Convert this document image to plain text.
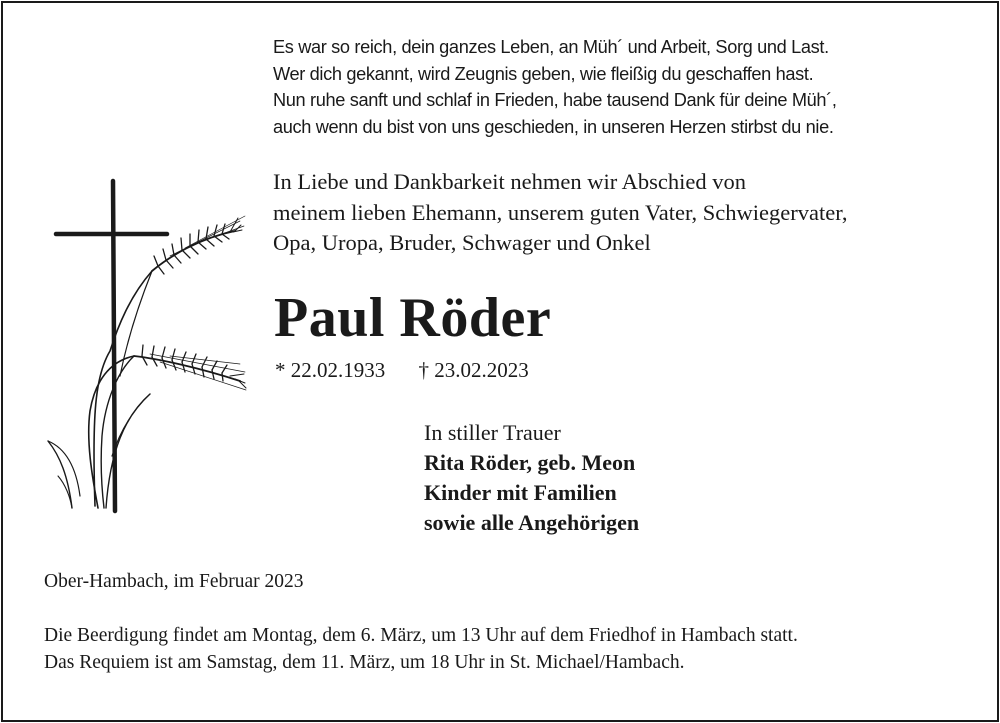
Es war so reich, dein ganzes Leben, an Müh´ und Arbeit, Sorg und Last.
Wer dich gekannt, wird Zeugnis geben, wie fleißig du geschaffen hast.
Nun ruhe sanft und schlaf in Frieden, habe tausend Dank für deine Müh´,
auch wenn du bist von uns geschieden, in unseren Herzen stirbst du nie.
In Liebe und Dankbarkeit nehmen wir Abschied von
meinem lieben Ehemann, unserem guten Vater, Schwiegervater,
Opa, Uropa, Bruder, Schwager und Onkel
Paul Röder
* 22.02.1933 † 23.02.2023
In stiller Trauer
Rita Röder, geb. Meon
Kinder mit Familien
sowie alle Angehörigen
Ober-Hambach, im Februar 2023
Die Beerdigung findet am Montag, dem 6. März, um 13 Uhr auf dem Friedhof in Hambach statt.
Das Requiem ist am Samstag, dem 11. März, um 18 Uhr in St. Michael/Hambach.
